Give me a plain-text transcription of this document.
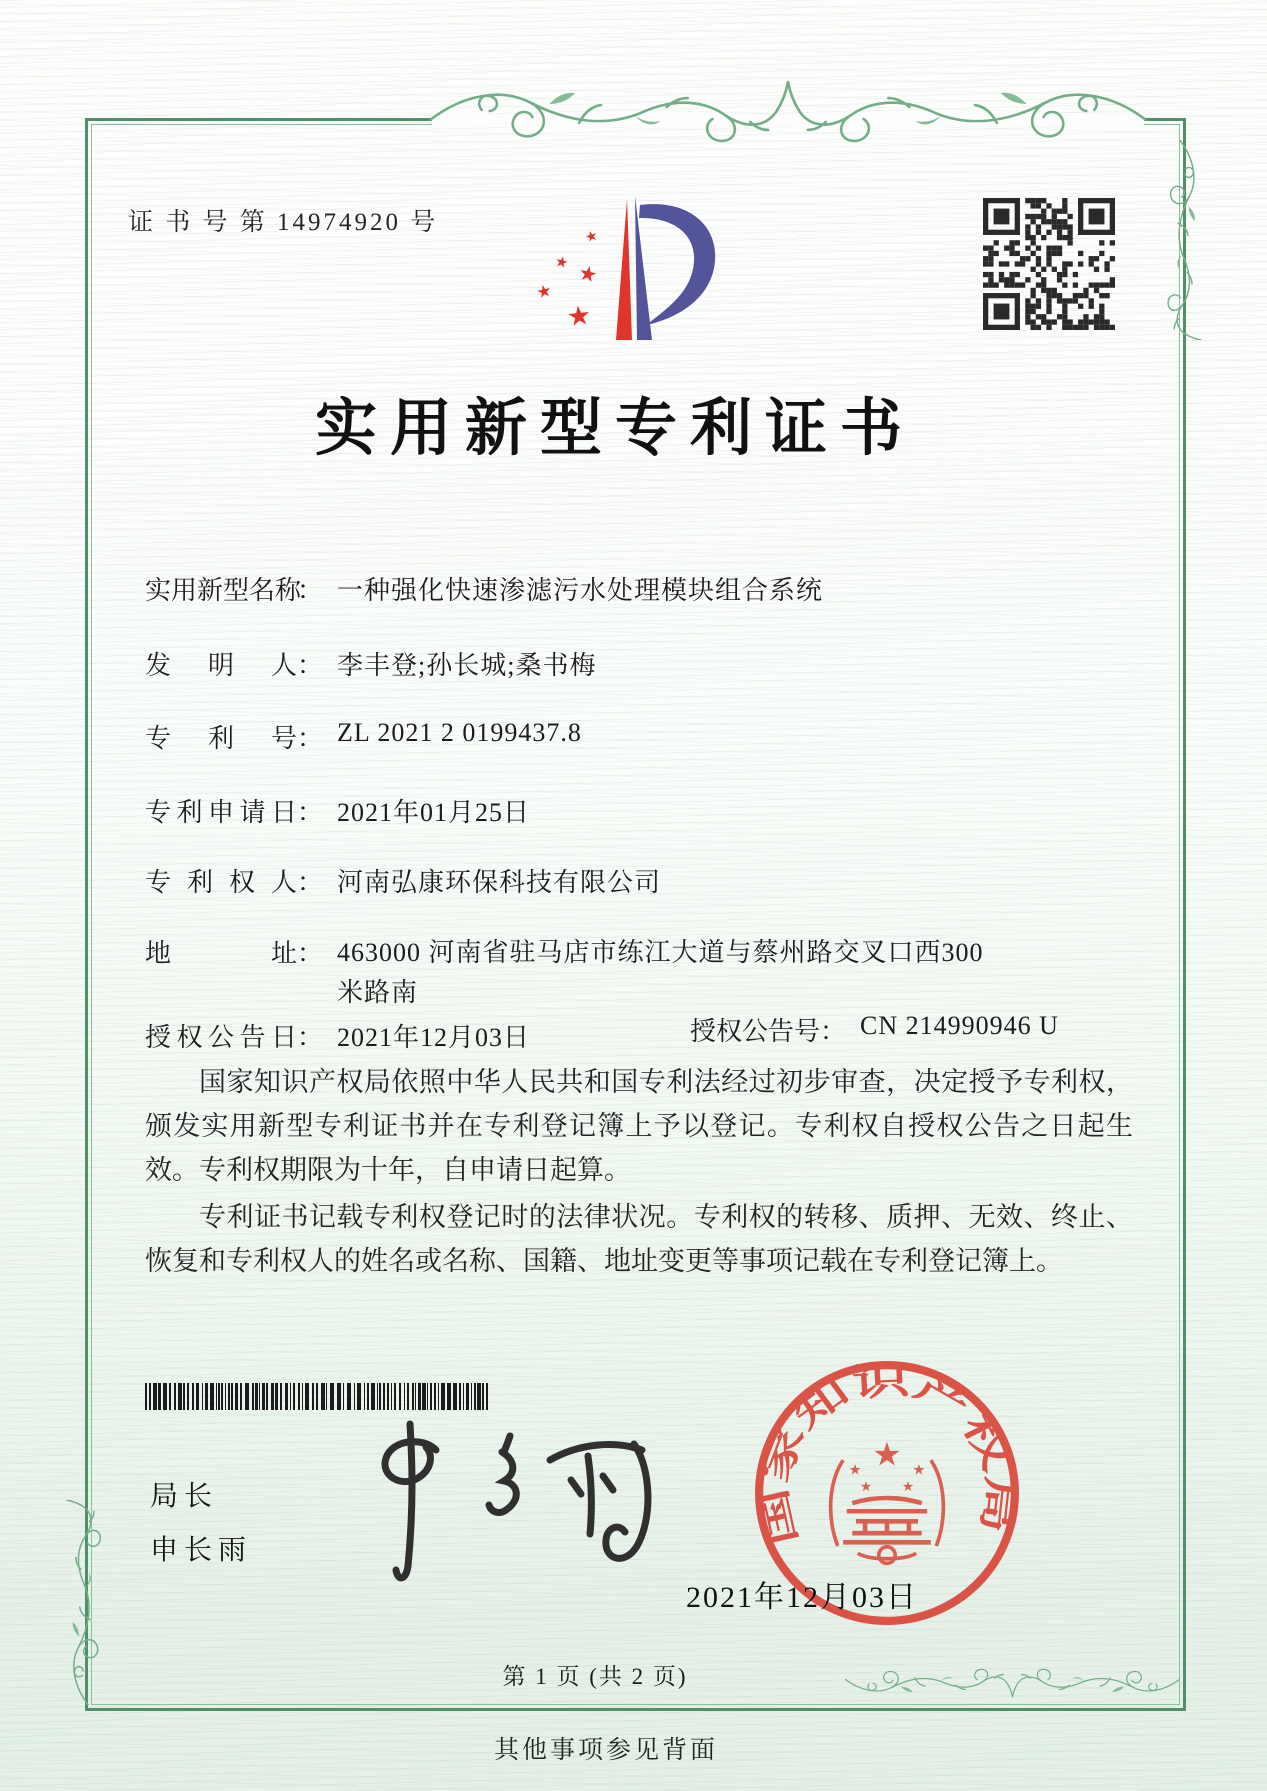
证 书 号 第 14974920 号
★
★
★
★
★
实用新型专利证书
实用新型名称： 一种强化快速渗滤污水处理模块组合系统
发明人： 李丰登;孙长城;桑书梅
专利号： ZL 2021 2 0199437.8
专利申请日： 2021年01月25日
专利权人： 河南弘康环保科技有限公司
地址： 463000 河南省驻马店市练江大道与蔡州路交叉口西300米路南
授权公告日： 2021年12月03日	授权公告号： CN 214990946 U

国家知识产权局依照中华人民共和国专利法经过初步审查，决定授予专利权，颁发实用新型专利证书并在专利登记簿上予以登记。专利权自授权公告之日起生效。专利权期限为十年，自申请日起算。

专利证书记载专利权登记时的法律状况。专利权的转移、质押、无效、终止、恢复和专利权人的姓名或名称、国籍、地址变更等事项记载在专利登记簿上。

局长
申长雨
国家知识产权局
★
★	★
★ ★
2021年12月03日
第 1 页 (共 2 页)
其他事项参见背面
